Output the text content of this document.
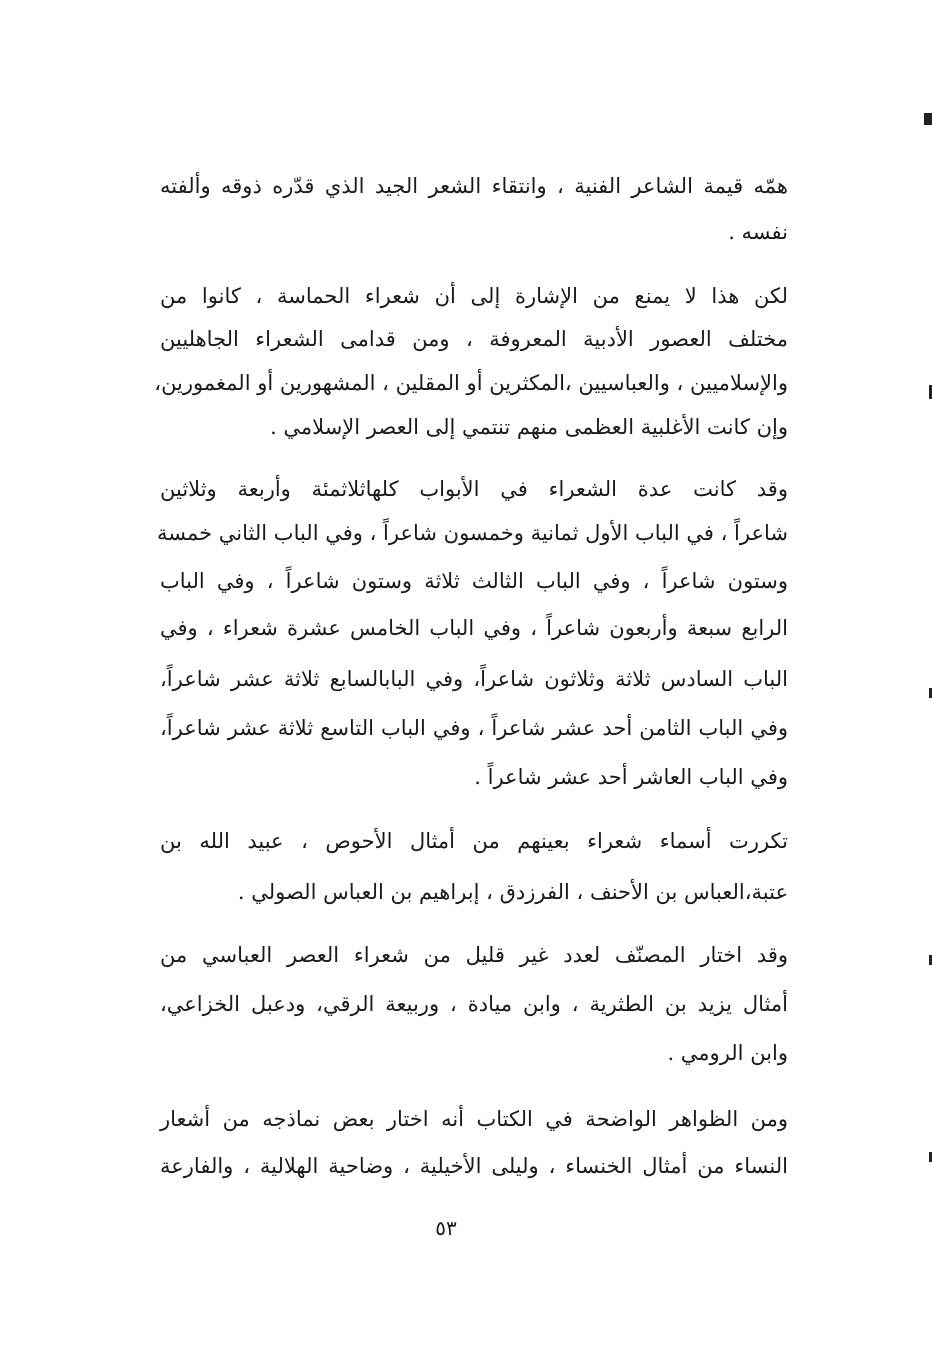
همّه قيمة الشاعر الفنية ، وانتقاء الشعر الجيد الذي قدّره ذوقه وألفته
نفسه .
لكن هذا لا يمنع من الإشارة إلى أن شعراء الحماسة ، كانوا من
مختلف العصور الأدبية المعروفة ، ومن قدامى الشعراء الجاهليين
والإسلاميين ، والعباسيين ،المكثرين أو المقلين ، المشهورين أو المغمورين،
وإن كانت الأغلبية العظمى منهم تنتمي إلى العصر الإسلامي .
وقد كانت عدة الشعراء في الأبواب كلهاثلاثمئة وأربعة وثلاثين
شاعراً ، في الباب الأول ثمانية وخمسون شاعراً ، وفي الباب الثاني خمسة
وستون شاعراً ، وفي الباب الثالث ثلاثة وستون شاعراً ، وفي الباب
الرابع سبعة وأربعون شاعراً ، وفي الباب الخامس عشرة شعراء ، وفي
الباب السادس ثلاثة وثلاثون شاعراً، وفي البابالسابع ثلاثة عشر شاعراً،
وفي الباب الثامن أحد عشر شاعراً ، وفي الباب التاسع ثلاثة عشر شاعراً،
وفي الباب العاشر أحد عشر شاعراً .
تكررت أسماء شعراء بعينهم من أمثال الأحوص ، عبيد الله بن
عتبة،العباس بن الأحنف ، الفرزدق ، إبراهيم بن العباس الصولي .
وقد اختار المصنّف لعدد غير قليل من شعراء العصر العباسي من
أمثال يزيد بن الطثرية ، وابن ميادة ، وربيعة الرقي، ودعبل الخزاعي،
وابن الرومي .
ومن الظواهر الواضحة في الكتاب أنه اختار بعض نماذجه من أشعار
النساء من أمثال الخنساء ، وليلى الأخيلية ، وضاحية الهلالية ، والفارعة
٥٣
